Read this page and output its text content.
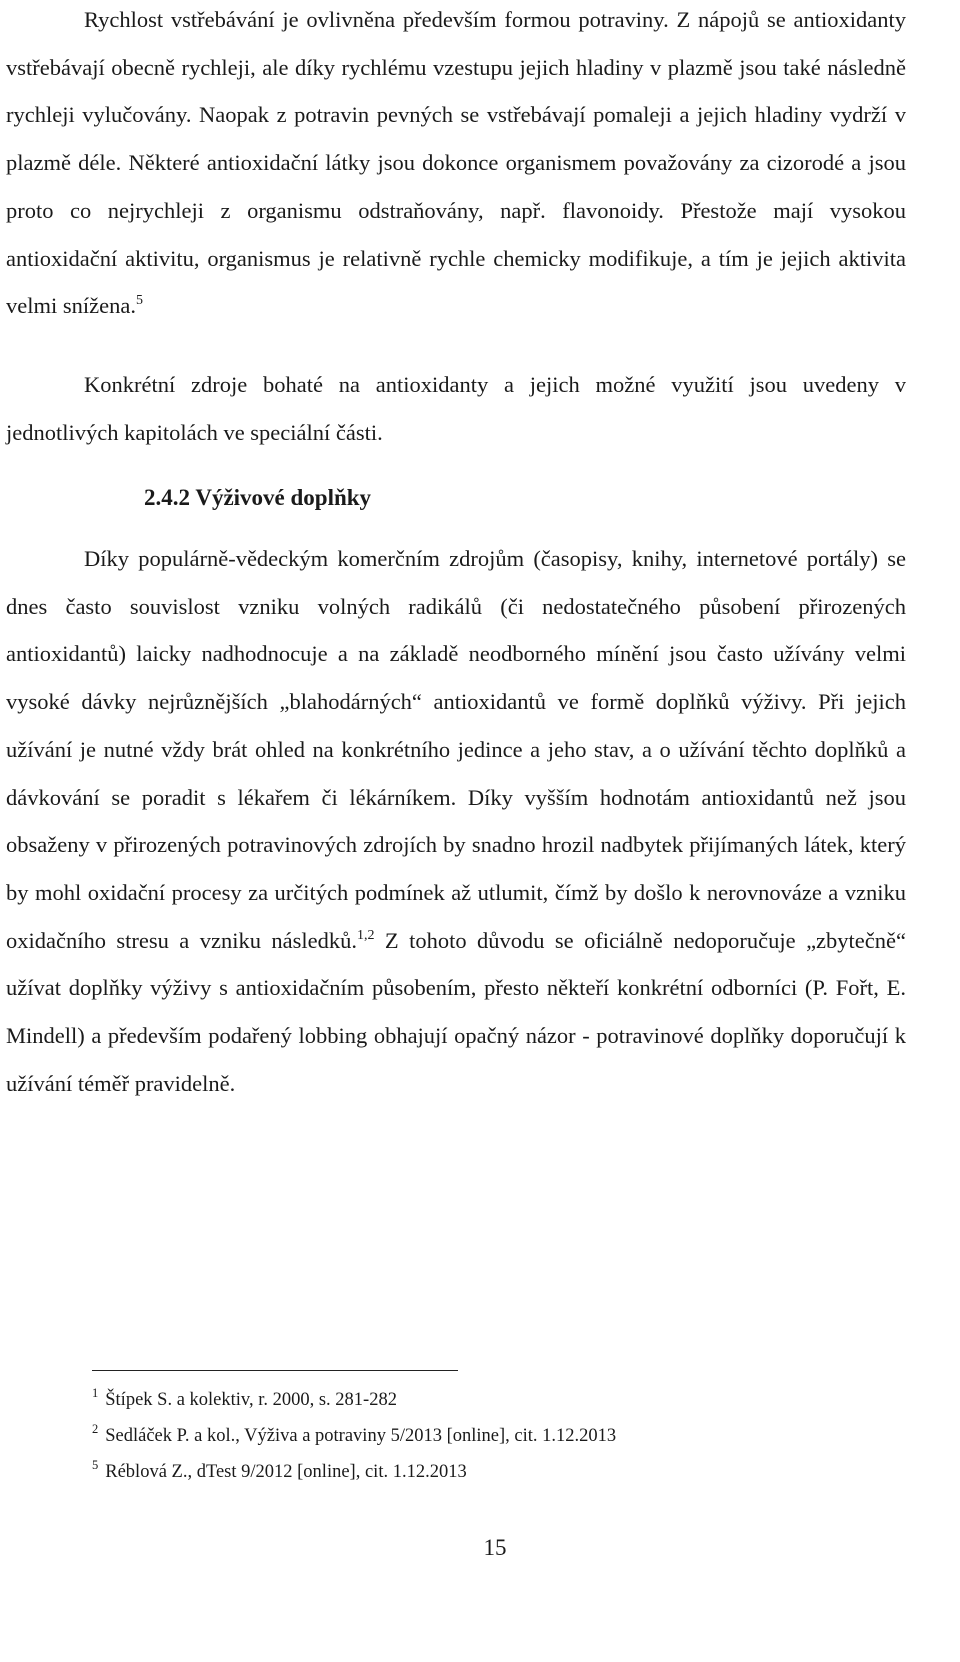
Rychlost vstřebávání je ovlivněna především formou potraviny. Z nápojů se antioxidanty vstřebávají obecně rychleji, ale díky rychlému vzestupu jejich hladiny v plazmě jsou také následně rychleji vylučovány. Naopak z potravin pevných se vstřebávají pomaleji a jejich hladiny vydrží v plazmě déle. Některé antioxidační látky jsou dokonce organismem považovány za cizorodé a jsou proto co nejrychleji z organismu odstraňovány, např. flavonoidy. Přestože mají vysokou antioxidační aktivitu, organismus je relativně rychle chemicky modifikuje, a tím je jejich aktivita velmi snížena.$^5$

Konkrétní zdroje bohaté na antioxidanty a jejich možné využití jsou uvedeny v jednotlivých kapitolách ve speciální části.

2.4.2 Výživové doplňky

Díky populárně-vědeckým komerčním zdrojům (časopisy, knihy, internetové portály) se dnes často souvislost vzniku volných radikálů (či nedostatečného působení přirozených antioxidantů) laicky nadhodnocuje a na základě neodborného mínění jsou často užívány velmi vysoké dávky nejrůznějších „blahodárných“ antioxidantů ve formě doplňků výživy. Při jejich užívání je nutné vždy brát ohled na konkrétního jedince a jeho stav, a o užívání těchto doplňků a dávkování se poradit s lékařem či lékárníkem. Díky vyšším hodnotám antioxidantů než jsou obsaženy v přirozených potravinových zdrojích by snadno hrozil nadbytek přijímaných látek, který by mohl oxidační procesy za určitých podmínek až utlumit, čímž by došlo k nerovnováze a vzniku oxidačního stresu a vzniku následků.$^{1,2}$ Z tohoto důvodu se oficiálně nedoporučuje „zbytečně“ užívat doplňky výživy s antioxidačním působením, přesto někteří konkrétní odborníci (P. Fořt, E. Mindell) a především podařený lobbing obhajují opačný názor - potravinové doplňky doporučují k užívání téměř pravidelně.

$^1$ Štípek S. a kolektiv, r. 2000, s. 281-282

$^2$ Sedláček P. a kol., Výživa a potraviny 5/2013 [online], cit. 1.12.2013

$^5$ Réblová Z., dTest 9/2012 [online], cit. 1.12.2013

15
